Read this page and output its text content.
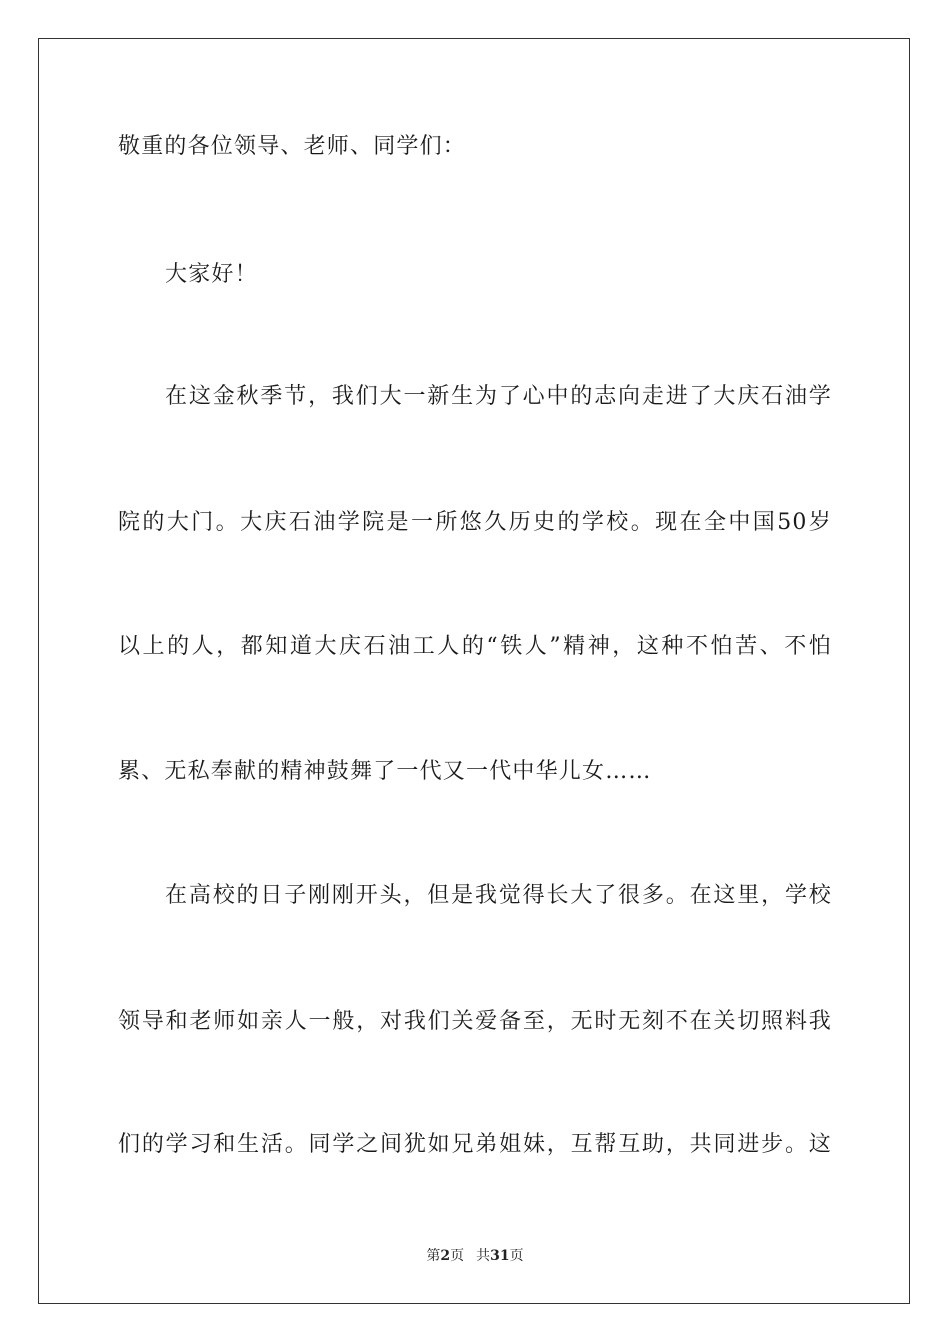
敬重的各位领导、老师、同学们：
大家好！
在这金秋季节，我们大一新生为了心中的志向走进了大庆石油学
院的大门。大庆石油学院是一所悠久历史的学校。现在全中国50岁
以上的人，都知道大庆石油工人的“铁人”精神，这种不怕苦、不怕
累、无私奉献的精神鼓舞了一代又一代中华儿女……
在高校的日子刚刚开头，但是我觉得长大了很多。在这里，学校
领导和老师如亲人一般，对我们关爱备至，无时无刻不在关切照料我
们的学习和生活。同学之间犹如兄弟姐妹，互帮互助，共同进步。这
第2页 共31页
